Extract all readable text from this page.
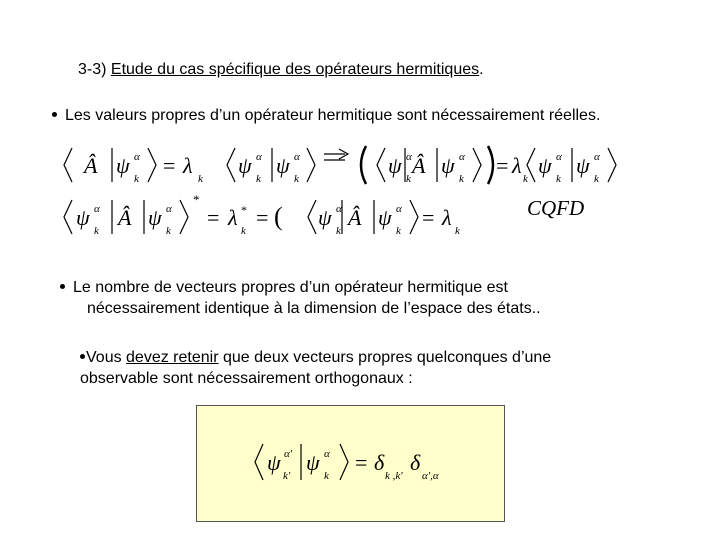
3-3) Etude du cas spécifique des opérateurs hermitiques.
Les valeurs propres d’un opérateur hermitique sont nécessairement réelles.
Â ψ α
k
= λ
k
ψ α
k
ψ α
k
ψ α
k
Â ψ α
k
= λ
k
ψ α
k
ψ α
k
ψ α
k
Â ψ α
k
*
= λ *
k
= ( ψ α
k
Â ψ α
k
= λ
k
CQFD
Le nombre de vecteurs propres d’un opérateur hermitique est
nécessairement identique à la dimension de l’espace des états..
Vous devez retenir que deux vecteurs propres quelconques d’une
observable sont nécessairement orthogonaux :
ψ α'
k'
ψ α
k
= δ
k ,k'
δ
α',α
